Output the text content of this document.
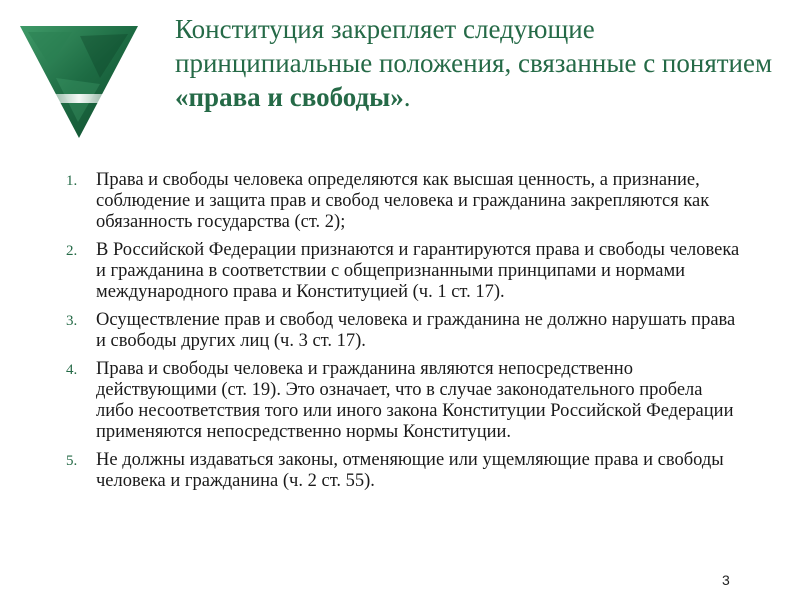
Конституция закрепляет следующие принципиальные положения, связанные с понятием «права и свободы».
1. Права и свободы человека определяются как высшая ценность, а признание, соблюдение и защита прав и свобод человека и гражданина закрепляются как обязанность государства (ст. 2);
2. В Российской Федерации признаются и гарантируются права и свободы человека и гражданина в соответствии с общепризнанными принципами и нормами международного права и Конституцией (ч. 1 ст. 17).
3. Осуществление прав и свобод человека и гражданина не должно нарушать права и свободы других лиц (ч. 3 ст. 17).
4. Права и свободы человека и гражданина являются непосредственно действующими (ст. 19). Это означает, что в случае законодательного пробела либо несоответствия того или иного закона Конституции Российской Федерации применяются непосредственно нормы Конституции.
5. Не должны издаваться законы, отменяющие или ущемляющие права и свободы человека и гражданина (ч. 2 ст. 55).
3
